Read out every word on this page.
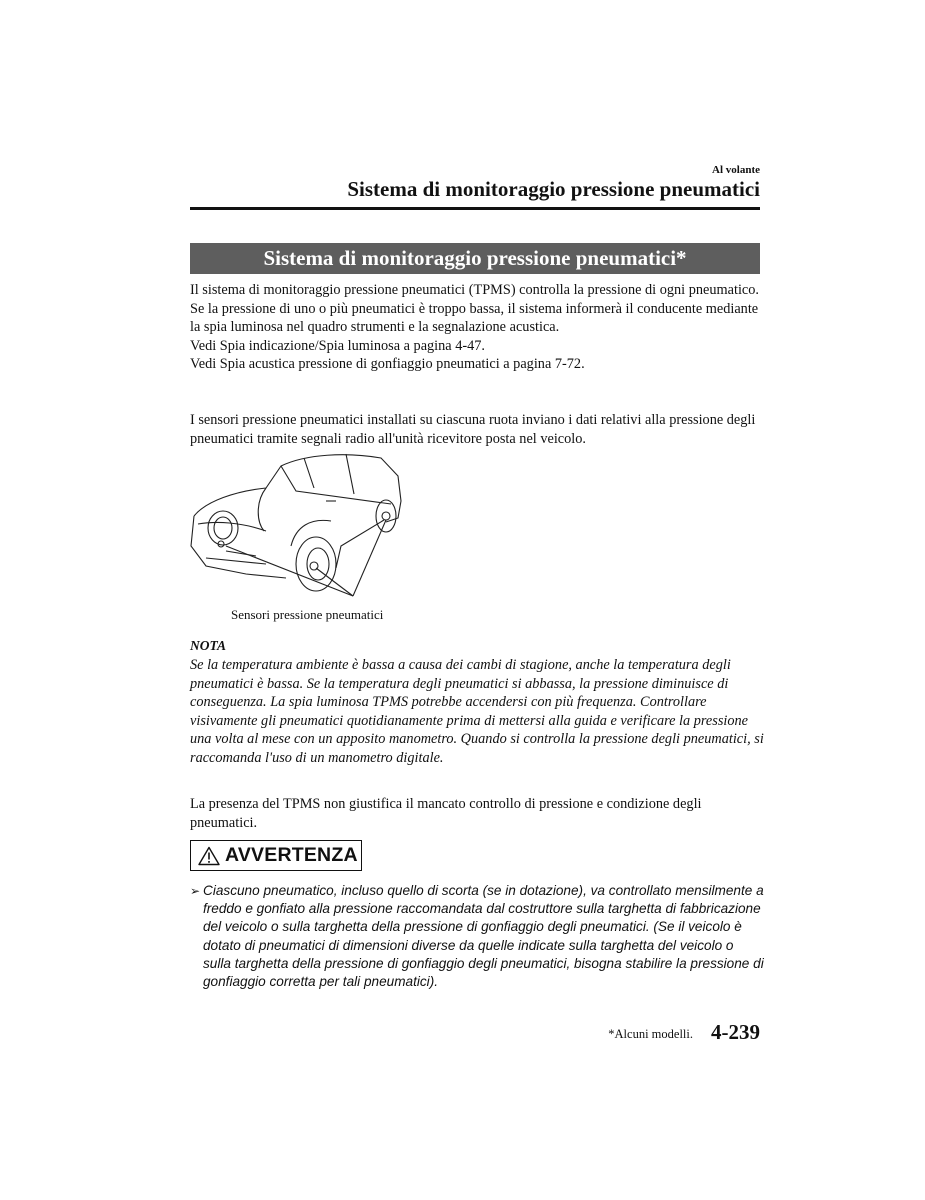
Al volante
Sistema di monitoraggio pressione pneumatici
Sistema di monitoraggio pressione pneumatici*

Il sistema di monitoraggio pressione pneumatici (TPMS) controlla la pressione di ogni pneumatico.

Se la pressione di uno o più pneumatici è troppo bassa, il sistema informerà il conducente mediante la spia luminosa nel quadro strumenti e la segnalazione acustica.

Vedi Spia indicazione/Spia luminosa a pagina 4-47.

Vedi Spia acustica pressione di gonfiaggio pneumatici a pagina 7-72.

I sensori pressione pneumatici installati su ciascuna ruota inviano i dati relativi alla pressione degli pneumatici tramite segnali radio all'unità ricevitore posta nel veicolo.
Sensori pressione pneumatici
NOTA
Se la temperatura ambiente è bassa a causa dei cambi di stagione, anche la temperatura degli pneumatici è bassa. Se la temperatura degli pneumatici si abbassa, la pressione diminuisce di conseguenza. La spia luminosa TPMS potrebbe accendersi con più frequenza. Controllare visivamente gli pneumatici quotidianamente prima di mettersi alla guida e verificare la pressione una volta al mese con un apposito manometro. Quando si controlla la pressione degli pneumatici, si raccomanda l'uso di un manometro digitale.
La presenza del TPMS non giustifica il mancato controllo di pressione e condizione degli pneumatici.
AVVERTENZA
➢ Ciascuno pneumatico, incluso quello di scorta (se in dotazione), va controllato mensilmente a freddo e gonfiato alla pressione raccomandata dal costruttore sulla targhetta di fabbricazione del veicolo o sulla targhetta della pressione di gonfiaggio degli pneumatici. (Se il veicolo è dotato di pneumatici di dimensioni diverse da quelle indicate sulla targhetta del veicolo o sulla targhetta della pressione di gonfiaggio degli pneumatici, bisogna stabilire la pressione di gonfiaggio corretta per tali pneumatici).
*Alcuni modelli. 4-239
